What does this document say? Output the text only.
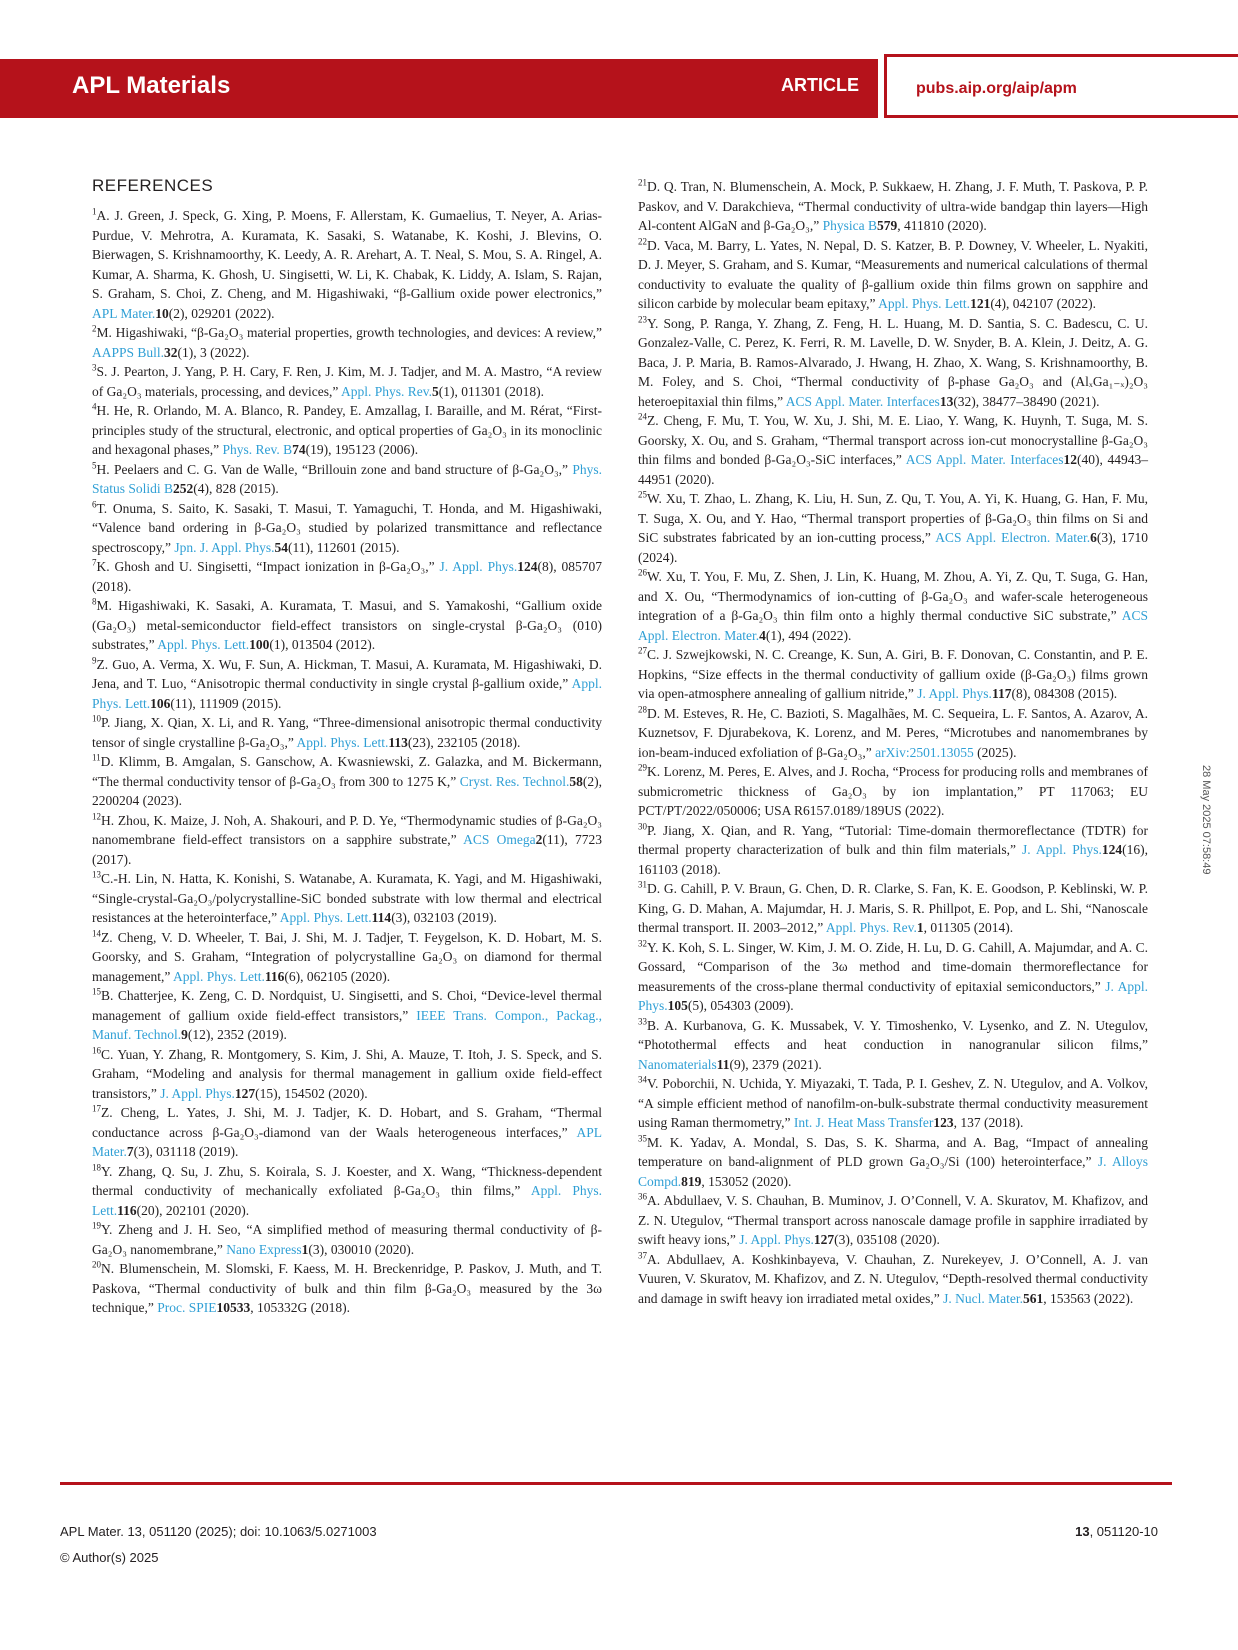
APL Materials	ARTICLE	pubs.aip.org/aip/apm
REFERENCES

$^1$A. J. Green, J. Speck, G. Xing, P. Moens, F. Allerstam, K. Gumaelius, T. Neyer, A. Arias-Purdue, V. Mehrotra, A. Kuramata, K. Sasaki, S. Watanabe, K. Koshi, J. Blevins, O. Bierwagen, S. Krishnamoorthy, K. Leedy, A. R. Arehart, A. T. Neal, S. Mou, S. A. Ringel, A. Kumar, A. Sharma, K. Ghosh, U. Singisetti, W. Li, K. Chabak, K. Liddy, A. Islam, S. Rajan, S. Graham, S. Choi, Z. Cheng, and M. Higashiwaki, “β-Gallium oxide power electronics,” APL Mater.10(2), 029201 (2022).

$^2$M. Higashiwaki, “β-Ga₂O₃ material properties, growth technologies, and devices: A review,” AAPPS Bull.32(1), 3 (2022).

$^3$S. J. Pearton, J. Yang, P. H. Cary, F. Ren, J. Kim, M. J. Tadjer, and M. A. Mastro, “A review of Ga₂O₃ materials, processing, and devices,” Appl. Phys. Rev.5(1), 011301 (2018).

$^4$H. He, R. Orlando, M. A. Blanco, R. Pandey, E. Amzallag, I. Baraille, and M. Rérat, “First-principles study of the structural, electronic, and optical properties of Ga₂O₃ in its monoclinic and hexagonal phases,” Phys. Rev. B74(19), 195123 (2006).

$^5$H. Peelaers and C. G. Van de Walle, “Brillouin zone and band structure of β-Ga₂O₃,” Phys. Status Solidi B252(4), 828 (2015).

$^6$T. Onuma, S. Saito, K. Sasaki, T. Masui, T. Yamaguchi, T. Honda, and M. Higashiwaki, “Valence band ordering in β-Ga₂O₃ studied by polarized transmittance and reflectance spectroscopy,” Jpn. J. Appl. Phys.54(11), 112601 (2015).

$^7$K. Ghosh and U. Singisetti, “Impact ionization in β-Ga₂O₃,” J. Appl. Phys.124(8), 085707 (2018).

$^8$M. Higashiwaki, K. Sasaki, A. Kuramata, T. Masui, and S. Yamakoshi, “Gallium oxide (Ga₂O₃) metal-semiconductor field-effect transistors on single-crystal β-Ga₂O₃ (010) substrates,” Appl. Phys. Lett.100(1), 013504 (2012).

$^9$Z. Guo, A. Verma, X. Wu, F. Sun, A. Hickman, T. Masui, A. Kuramata, M. Higashiwaki, D. Jena, and T. Luo, “Anisotropic thermal conductivity in single crystal β-gallium oxide,” Appl. Phys. Lett.106(11), 111909 (2015).

$^{10}$P. Jiang, X. Qian, X. Li, and R. Yang, “Three-dimensional anisotropic thermal conductivity tensor of single crystalline β-Ga₂O₃,” Appl. Phys. Lett.113(23), 232105 (2018).

$^{11}$D. Klimm, B. Amgalan, S. Ganschow, A. Kwasniewski, Z. Galazka, and M. Bickermann, “The thermal conductivity tensor of β-Ga₂O₃ from 300 to 1275 K,” Cryst. Res. Technol.58(2), 2200204 (2023).

$^{12}$H. Zhou, K. Maize, J. Noh, A. Shakouri, and P. D. Ye, “Thermodynamic studies of β-Ga₂O₃ nanomembrane field-effect transistors on a sapphire substrate,” ACS Omega2(11), 7723 (2017).

$^{13}$C.-H. Lin, N. Hatta, K. Konishi, S. Watanabe, A. Kuramata, K. Yagi, and M. Higashiwaki, “Single-crystal-Ga₂O₃/polycrystalline-SiC bonded substrate with low thermal and electrical resistances at the heterointerface,” Appl. Phys. Lett.114(3), 032103 (2019).

$^{14}$Z. Cheng, V. D. Wheeler, T. Bai, J. Shi, M. J. Tadjer, T. Feygelson, K. D. Hobart, M. S. Goorsky, and S. Graham, “Integration of polycrystalline Ga₂O₃ on diamond for thermal management,” Appl. Phys. Lett.116(6), 062105 (2020).

$^{15}$B. Chatterjee, K. Zeng, C. D. Nordquist, U. Singisetti, and S. Choi, “Device-level thermal management of gallium oxide field-effect transistors,” IEEE Trans. Compon., Packag., Manuf. Technol.9(12), 2352 (2019).

$^{16}$C. Yuan, Y. Zhang, R. Montgomery, S. Kim, J. Shi, A. Mauze, T. Itoh, J. S. Speck, and S. Graham, “Modeling and analysis for thermal management in gallium oxide field-effect transistors,” J. Appl. Phys.127(15), 154502 (2020).

$^{17}$Z. Cheng, L. Yates, J. Shi, M. J. Tadjer, K. D. Hobart, and S. Graham, “Thermal conductance across β-Ga₂O₃-diamond van der Waals heterogeneous interfaces,” APL Mater.7(3), 031118 (2019).

$^{18}$Y. Zhang, Q. Su, J. Zhu, S. Koirala, S. J. Koester, and X. Wang, “Thickness-dependent thermal conductivity of mechanically exfoliated β-Ga₂O₃ thin films,” Appl. Phys. Lett.116(20), 202101 (2020).

$^{19}$Y. Zheng and J. H. Seo, “A simplified method of measuring thermal conductivity of β-Ga₂O₃ nanomembrane,” Nano Express1(3), 030010 (2020).

$^{20}$N. Blumenschein, M. Slomski, F. Kaess, M. H. Breckenridge, P. Paskov, J. Muth, and T. Paskova, “Thermal conductivity of bulk and thin film β-Ga₂O₃ measured by the 3ω technique,” Proc. SPIE10533, 105332G (2018).

$^{21}$D. Q. Tran, N. Blumenschein, A. Mock, P. Sukkaew, H. Zhang, J. F. Muth, T. Paskova, P. P. Paskov, and V. Darakchieva, “Thermal conductivity of ultra-wide bandgap thin layers—High Al-content AlGaN and β-Ga₂O₃,” Physica B579, 411810 (2020).

$^{22}$D. Vaca, M. Barry, L. Yates, N. Nepal, D. S. Katzer, B. P. Downey, V. Wheeler, L. Nyakiti, D. J. Meyer, S. Graham, and S. Kumar, “Measurements and numerical calculations of thermal conductivity to evaluate the quality of β-gallium oxide thin films grown on sapphire and silicon carbide by molecular beam epitaxy,” Appl. Phys. Lett.121(4), 042107 (2022).

$^{23}$Y. Song, P. Ranga, Y. Zhang, Z. Feng, H. L. Huang, M. D. Santia, S. C. Badescu, C. U. Gonzalez-Valle, C. Perez, K. Ferri, R. M. Lavelle, D. W. Snyder, B. A. Klein, J. Deitz, A. G. Baca, J. P. Maria, B. Ramos-Alvarado, J. Hwang, H. Zhao, X. Wang, S. Krishnamoorthy, B. M. Foley, and S. Choi, “Thermal conductivity of β-phase Ga₂O₃ and (AlₓGa₁₋ₓ)₂O₃ heteroepitaxial thin films,” ACS Appl. Mater. Interfaces13(32), 38477–38490 (2021).

$^{24}$Z. Cheng, F. Mu, T. You, W. Xu, J. Shi, M. E. Liao, Y. Wang, K. Huynh, T. Suga, M. S. Goorsky, X. Ou, and S. Graham, “Thermal transport across ion-cut monocrystalline β-Ga₂O₃ thin films and bonded β-Ga₂O₃-SiC interfaces,” ACS Appl. Mater. Interfaces12(40), 44943–44951 (2020).

$^{25}$W. Xu, T. Zhao, L. Zhang, K. Liu, H. Sun, Z. Qu, T. You, A. Yi, K. Huang, G. Han, F. Mu, T. Suga, X. Ou, and Y. Hao, “Thermal transport properties of β-Ga₂O₃ thin films on Si and SiC substrates fabricated by an ion-cutting process,” ACS Appl. Electron. Mater.6(3), 1710 (2024).

$^{26}$W. Xu, T. You, F. Mu, Z. Shen, J. Lin, K. Huang, M. Zhou, A. Yi, Z. Qu, T. Suga, G. Han, and X. Ou, “Thermodynamics of ion-cutting of β-Ga₂O₃ and wafer-scale heterogeneous integration of a β-Ga₂O₃ thin film onto a highly thermal conductive SiC substrate,” ACS Appl. Electron. Mater.4(1), 494 (2022).

$^{27}$C. J. Szwejkowski, N. C. Creange, K. Sun, A. Giri, B. F. Donovan, C. Constantin, and P. E. Hopkins, “Size effects in the thermal conductivity of gallium oxide (β-Ga₂O₃) films grown via open-atmosphere annealing of gallium nitride,” J. Appl. Phys.117(8), 084308 (2015).

$^{28}$D. M. Esteves, R. He, C. Bazioti, S. Magalhães, M. C. Sequeira, L. F. Santos, A. Azarov, A. Kuznetsov, F. Djurabekova, K. Lorenz, and M. Peres, “Microtubes and nanomembranes by ion-beam-induced exfoliation of β-Ga₂O₃,” arXiv:2501.13055 (2025).

$^{29}$K. Lorenz, M. Peres, E. Alves, and J. Rocha, “Process for producing rolls and membranes of submicrometric thickness of Ga₂O₃ by ion implantation,” PT 117063; EU PCT/PT/2022/050006; USA R6157.0189/189US (2022).

$^{30}$P. Jiang, X. Qian, and R. Yang, “Tutorial: Time-domain thermoreflectance (TDTR) for thermal property characterization of bulk and thin film materials,” J. Appl. Phys.124(16), 161103 (2018).

$^{31}$D. G. Cahill, P. V. Braun, G. Chen, D. R. Clarke, S. Fan, K. E. Goodson, P. Keblinski, W. P. King, G. D. Mahan, A. Majumdar, H. J. Maris, S. R. Phillpot, E. Pop, and L. Shi, “Nanoscale thermal transport. II. 2003–2012,” Appl. Phys. Rev.1, 011305 (2014).

$^{32}$Y. K. Koh, S. L. Singer, W. Kim, J. M. O. Zide, H. Lu, D. G. Cahill, A. Majumdar, and A. C. Gossard, “Comparison of the 3ω method and time-domain thermoreflectance for measurements of the cross-plane thermal conductivity of epitaxial semiconductors,” J. Appl. Phys.105(5), 054303 (2009).

$^{33}$B. A. Kurbanova, G. K. Mussabek, V. Y. Timoshenko, V. Lysenko, and Z. N. Utegulov, “Photothermal effects and heat conduction in nanogranular silicon films,” Nanomaterials11(9), 2379 (2021).

$^{34}$V. Poborchii, N. Uchida, Y. Miyazaki, T. Tada, P. I. Geshev, Z. N. Utegulov, and A. Volkov, “A simple efficient method of nanofilm-on-bulk-substrate thermal conductivity measurement using Raman thermometry,” Int. J. Heat Mass Transfer123, 137 (2018).

$^{35}$M. K. Yadav, A. Mondal, S. Das, S. K. Sharma, and A. Bag, “Impact of annealing temperature on band-alignment of PLD grown Ga₂O₃/Si (100) heterointerface,” J. Alloys Compd.819, 153052 (2020).

$^{36}$A. Abdullaev, V. S. Chauhan, B. Muminov, J. O’Connell, V. A. Skuratov, M. Khafizov, and Z. N. Utegulov, “Thermal transport across nanoscale damage profile in sapphire irradiated by swift heavy ions,” J. Appl. Phys.127(3), 035108 (2020).

$^{37}$A. Abdullaev, A. Koshkinbayeva, V. Chauhan, Z. Nurekeyev, J. O’Connell, A. J. van Vuuren, V. Skuratov, M. Khafizov, and Z. N. Utegulov, “Depth-resolved thermal conductivity and damage in swift heavy ion irradiated metal oxides,” J. Nucl. Mater.561, 153563 (2022).

28 May 2025 07:58:49
APL Mater. 13, 051120 (2025); doi: 10.1063/5.0271003
© Author(s) 2025
13, 051120-10
